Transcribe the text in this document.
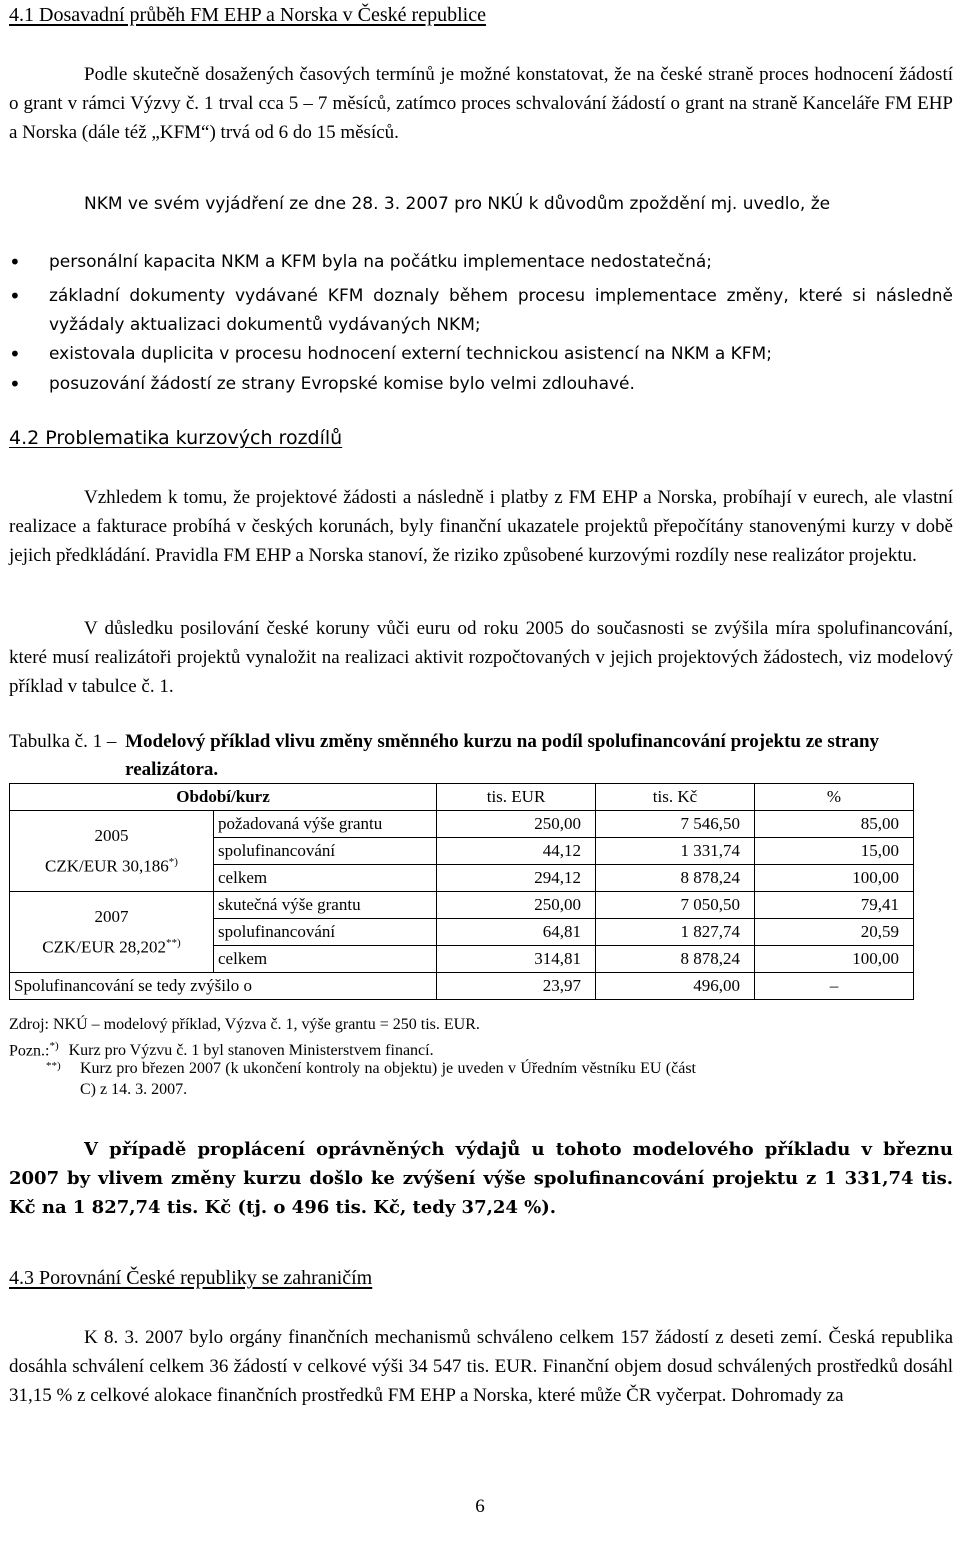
4.1 Dosavadní průběh FM EHP a Norska v České republice
Podle skutečně dosažených časových termínů je možné konstatovat, že na české straně proces hodnocení žádostí o grant v rámci Výzvy č. 1 trval cca 5 – 7 měsíců, zatímco proces schvalování žádostí o grant na straně Kanceláře FM EHP a Norska (dále též „KFM“) trvá od 6 do 15 měsíců.
NKM ve svém vyjádření ze dne 28. 3. 2007 pro NKÚ k důvodům zpoždění mj. uvedlo, že
•	personální kapacita NKM a KFM byla na počátku implementace nedostatečná;
•	základní dokumenty vydávané KFM doznaly během procesu implementace změny, které si následně vyžádaly aktualizaci dokumentů vydávaných NKM;
•	existovala duplicita v procesu hodnocení externí technickou asistencí na NKM a KFM;
•	posuzování žádostí ze strany Evropské komise bylo velmi zdlouhavé.
4.2 Problematika kurzových rozdílů
Vzhledem k tomu, že projektové žádosti a následně i platby z FM EHP a Norska, probíhají v eurech, ale vlastní realizace a fakturace probíhá v českých korunách, byly finanční ukazatele projektů přepočítány stanovenými kurzy v době jejich předkládání. Pravidla FM EHP a Norska stanoví, že riziko způsobené kurzovými rozdíly nese realizátor projektu.
V důsledku posilování české koruny vůči euru od roku 2005 do současnosti se zvýšila míra spolufinancování, které musí realizátoři projektů vynaložit na realizaci aktivit rozpočtovaných v jejich projektových žádostech, viz modelový příklad v tabulce č. 1.
Tabulka č. 1 – Modelový příklad vlivu změny směnného kurzu na podíl spolufinancování projektu ze strany realizátora.
Období/kurz		tis. EUR	tis. Kč	%

2005
CZK/EUR 30,186*)	požadovaná výše grantu	250,00	7 546,50	85,00
	spolufinancování	44,12	1 331,74	15,00
	celkem	294,12	8 878,24	100,00

2007
CZK/EUR 28,202**)	skutečná výše grantu	250,00	7 050,50	79,41
	spolufinancování	64,81	1 827,74	20,59
	celkem	314,81	8 878,24	100,00
Spolufinancování se tedy zvýšilo o		23,97	496,00	–
Zdroj: NKÚ – modelový příklad, Výzva č. 1, výše grantu = 250 tis. EUR.
Pozn.:*) Kurz pro Výzvu č. 1 byl stanoven Ministerstvem financí.
**) Kurz pro březen 2007 (k ukončení kontroly na objektu) je uveden v Úředním věstníku EU (část C) z 14. 3. 2007.
V případě proplácení oprávněných výdajů u tohoto modelového příkladu v březnu 2007 by vlivem změny kurzu došlo ke zvýšení výše spolufinancování projektu z 1 331,74 tis. Kč na 1 827,74 tis. Kč (tj. o 496 tis. Kč, tedy 37,24 %).
4.3 Porovnání České republiky se zahraničím
K 8. 3. 2007 bylo orgány finančních mechanismů schváleno celkem 157 žádostí z deseti zemí. Česká republika dosáhla schválení celkem 36 žádostí v celkové výši 34 547 tis. EUR. Finanční objem dosud schválených prostředků dosáhl 31,15 % z celkové alokace finančních prostředků FM EHP a Norska, které může ČR vyčerpat. Dohromady za
6
